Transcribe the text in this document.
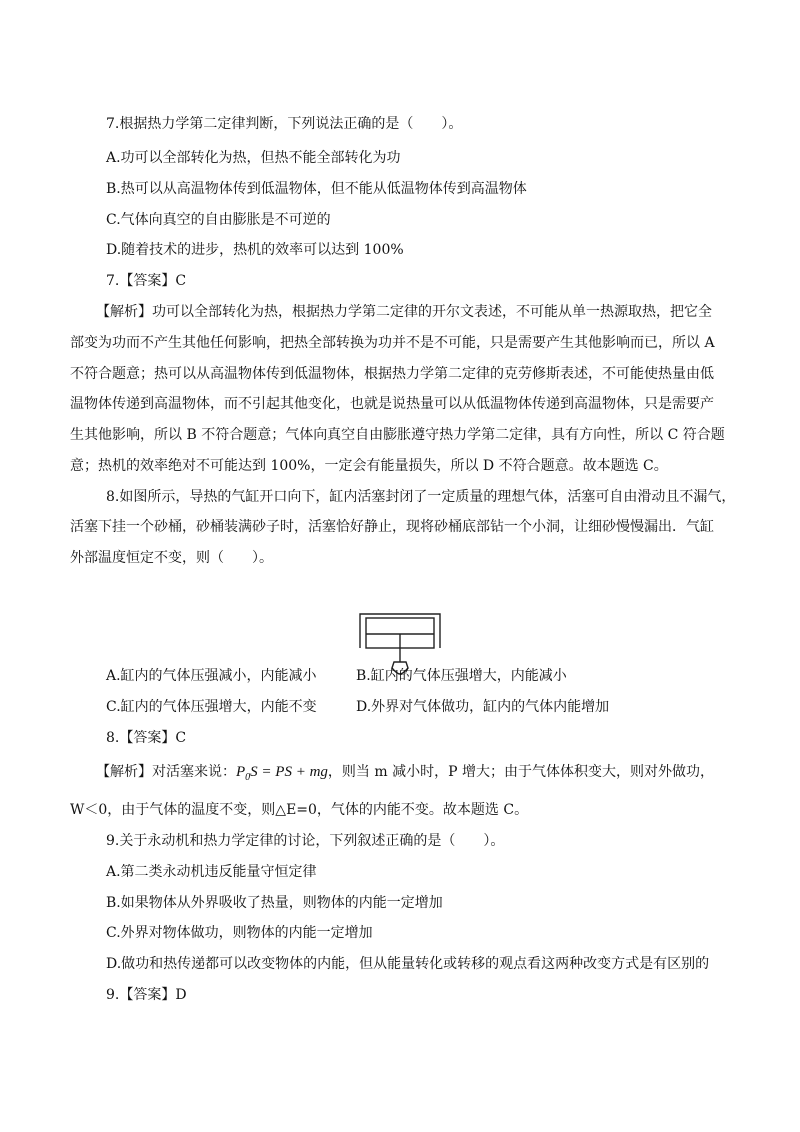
7.根据热力学第二定律判断，下列说法正确的是（　　）。
A.功可以全部转化为热，但热不能全部转化为功
B.热可以从高温物体传到低温物体，但不能从低温物体传到高温物体
C.气体向真空的自由膨胀是不可逆的
D.随着技术的进步，热机的效率可以达到 100%
7.【答案】C
【解析】功可以全部转化为热，根据热力学第二定律的开尔文表述，不可能从单一热源取热，把它全
部变为功而不产生其他任何影响，把热全部转换为功并不是不可能，只是需要产生其他影响而已，所以 A
不符合题意；热可以从高温物体传到低温物体，根据热力学第二定律的克劳修斯表述，不可能使热量由低
温物体传递到高温物体，而不引起其他变化，也就是说热量可以从低温物体传递到高温物体，只是需要产
生其他影响，所以 B 不符合题意；气体向真空自由膨胀遵守热力学第二定律，具有方向性，所以 C 符合题
意；热机的效率绝对不可能达到 100%，一定会有能量损失，所以 D 不符合题意。故本题选 C。
8.如图所示，导热的气缸开口向下，缸内活塞封闭了一定质量的理想气体，活塞可自由滑动且不漏气，
活塞下挂一个砂桶，砂桶装满砂子时，活塞恰好静止，现将砂桶底部钻一个小洞，让细砂慢慢漏出．气缸
外部温度恒定不变，则（　　）。
A.缸内的气体压强减小，内能减小	B.缸内的气体压强增大，内能减小
C.缸内的气体压强增大，内能不变	D.外界对气体做功，缸内的气体内能增加
8.【答案】C
【解析】对活塞来说：$P_0S$ = PS + mg，则当 m 减小时，P 增大；由于气体体积变大，则对外做功，
W＜0，由于气体的温度不变，则△E=0，气体的内能不变。故本题选 C。
9.关于永动机和热力学定律的讨论，下列叙述正确的是（　　）。
A.第二类永动机违反能量守恒定律
B.如果物体从外界吸收了热量，则物体的内能一定增加
C.外界对物体做功，则物体的内能一定增加
D.做功和热传递都可以改变物体的内能，但从能量转化或转移的观点看这两种改变方式是有区别的
9.【答案】D
